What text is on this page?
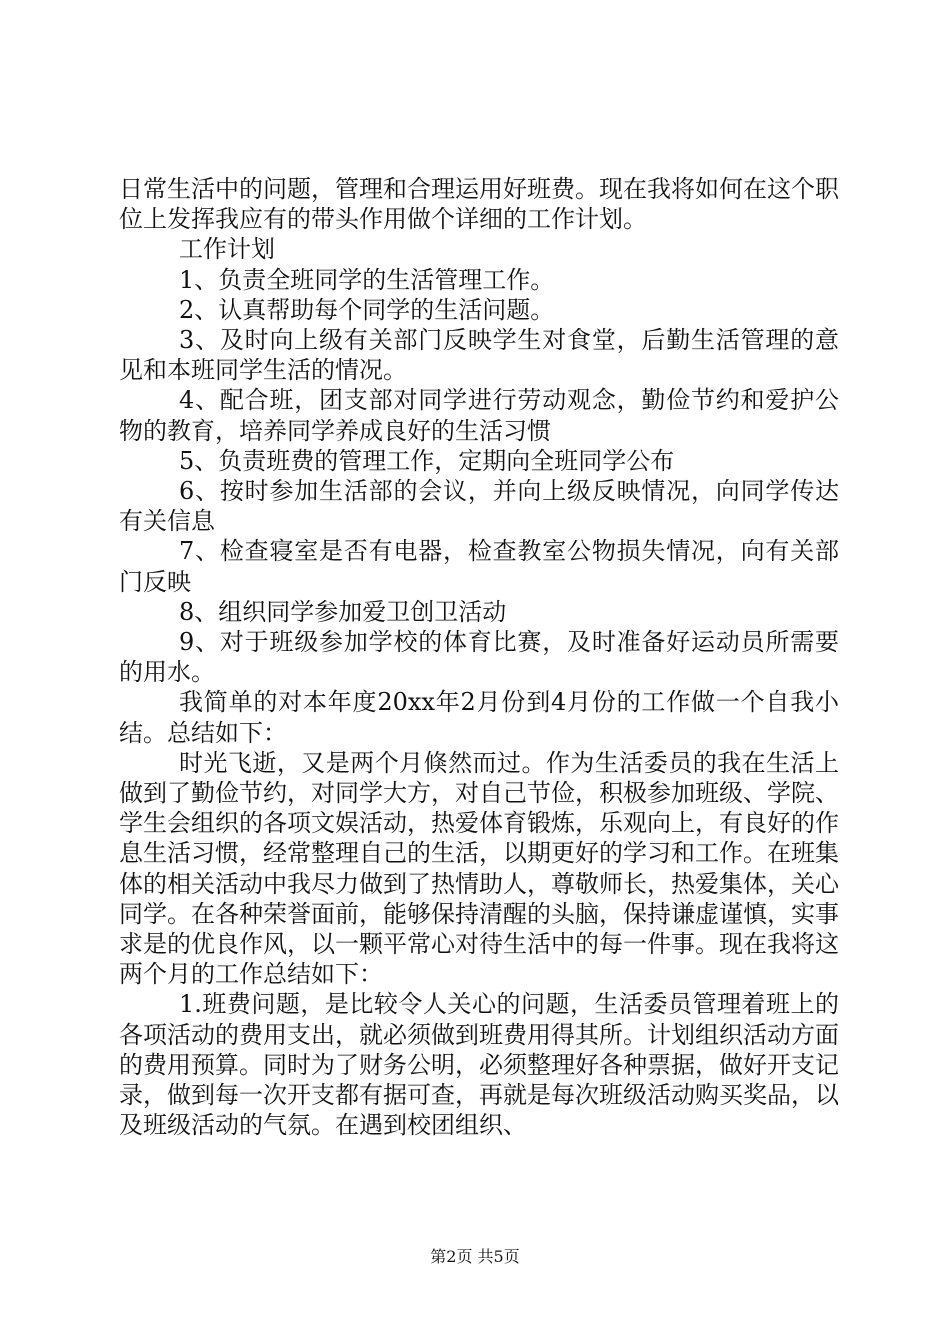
日常生活中的问题，管理和合理运用好班费。现在我将如何在这个职位上发挥我应有的带头作用做个详细的工作计划。

工作计划

1、负责全班同学的生活管理工作。

2、认真帮助每个同学的生活问题。

3、及时向上级有关部门反映学生对食堂，后勤生活管理的意见和本班同学生活的情况。

4、配合班，团支部对同学进行劳动观念，勤俭节约和爱护公物的教育，培养同学养成良好的生活习惯

5、负责班费的管理工作，定期向全班同学公布

6、按时参加生活部的会议，并向上级反映情况，向同学传达有关信息

7、检查寝室是否有电器，检查教室公物损失情况，向有关部门反映

8、组织同学参加爱卫创卫活动

9、对于班级参加学校的体育比赛，及时准备好运动员所需要的用水。

我简单的对本年度20xx年2月份到4月份的工作做一个自我小结。总结如下：

时光飞逝，又是两个月倏然而过。作为生活委员的我在生活上做到了勤俭节约，对同学大方，对自己节俭，积极参加班级、学院、学生会组织的各项文娱活动，热爱体育锻炼，乐观向上，有良好的作息生活习惯，经常整理自己的生活，以期更好的学习和工作。在班集体的相关活动中我尽力做到了热情助人，尊敬师长，热爱集体，关心同学。在各种荣誉面前，能够保持清醒的头脑，保持谦虚谨慎，实事求是的优良作风，以一颗平常心对待生活中的每一件事。现在我将这两个月的工作总结如下：

1.班费问题，是比较令人关心的问题，生活委员管理着班上的各项活动的费用支出，就必须做到班费用得其所。计划组织活动方面的费用预算。同时为了财务公明，必须整理好各种票据，做好开支记录，做到每一次开支都有据可查，再就是每次班级活动购买奖品，以及班级活动的气氛。在遇到校团组织、

第2页 共5页
